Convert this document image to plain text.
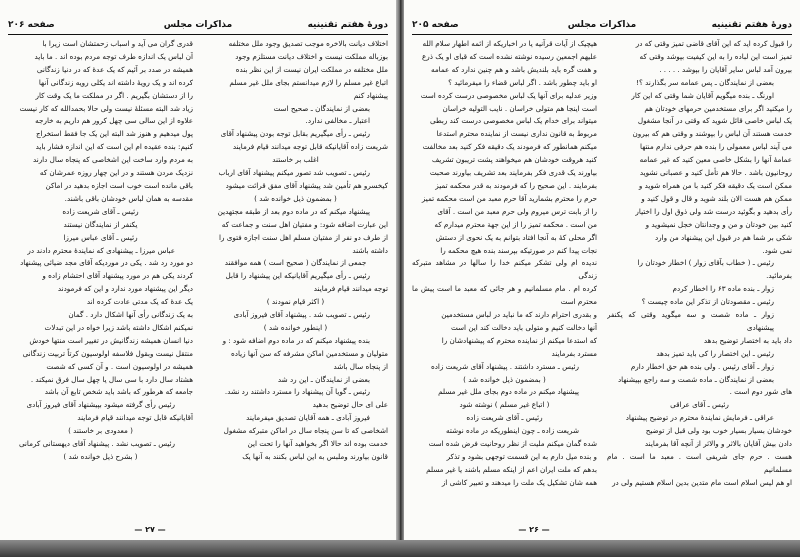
دورهٔ هفتم تقنینیه
مذاکرات مجلس
صفحه ۲۰۶

اختلاف دیانت بالاخره موجب تصدیق وجود ملل مختلفه

بوزباله مملکت نیست و اختلاف دیانت مستلزم وجود

ملل مختلفه در مملکت ایران نیست از این نظر بنده

اتباع غیر مسلم را لازم میدانستم بجای ملل غیر مسلم

پیشنهاد کنم

بعضی از نمایندگان ـ صحیح است

اعتبار ـ مخالفی ندارد.

رئیس ـ رأی میگیریم بقابل توجه بودن پیشنهاد آقای

شریعت زاده آقایانیکه قابل توجه میدانند قیام فرمایند

اغلب بر خاستند

رئیس ـ تصویب شد تصور میکنم پیشنهاد آقای ارباب

کیخسرو هم تأمین شد پیشنهاد آقای مفق قرائت میشود

( بمضمون ذیل خوانده شد )

پیشنهاد میکنم که در ماده دوم بعد از طبقه مجتهدین

این عبارت اضافه شود: و مفتیان اهل سنت و جماعت که

از طرف دو نفر از مفتیان مسلم اهل سنت اجازه فتوی را

داشته باشند

جمعی از نمایندگان ( صحیح است ) همه موافقند

رئیس ـ رأی میگیریم آقایانیکه این پیشنهاد را قابل

توجه میدانند قیام فرمایند

( اکثر قیام نمودند )

رئیس ـ تصویب شد . پیشنهاد آقای فیروز آبادی

( اینطور خوانده شد )

بنده پیشنهاد میکنم که در ماده دوم اضافه شود : و

متولیان و مستخدمین اماکن مشرفه که سن آنها زیاده

از پنجاه سال باشد

بعضی از نمایندگان ـ این رد شد

رئیس ـ گویا آن پیشنهاد را مسترد داشتند رد نشد.

علی ای حال توضیح بدهید

فیروز آبادی ـ همه آقایان تصدیق میفرمایند

اشخاصی که تا سن پنجاه سال در اماکن متبرکه مشغول

خدمت بوده اند حالا اگر بخواهید آنها را تحت این

قانون بیاورند وملبس به این لباس بکنند به آنها یک

قدری گران می آید و اسباب زحمتشان است زیرا با

آن لباس یک اندازه طرف توجه مردم بوده اند . ما باید

همیشه در صدد بر آئیم که یک عدهٔ که در دنیا زندگانی

کرده اند و یک رویهٔ داشته اند یکلی رویه زندگانی آنها

را از دستشان بگیریم . اگر در مملکت ما یک وقت کار

زیاد شد البته مسئلهٔ نیست ولی حالا بحمدالله که کار نیست

علاوه از این سالی سی چهل کرور هم داریم به خارجه

پول میدهیم و هنوز شد البته این یک جا فقط استخراج

کنیم: بنده عقیده ام این است که این اندازه فشار باید

به مردم وارد ساخت این اشخاصی که پنجاه سال دارند

نزدیک مردن هستند و در این چهار روزه عمرشان که

باقی مانده است خوب است اجازه بدهید در اماکن

مقدسه به همان لباس خودشان باقی باشند.

رئیس ـ آقای شریعت زاده

یکنفر از نمایندگان نیستند

رئیس ـ آقای عباس میرزا

عباس میرزا ـ پیشنهادی که نمایندهٔ محترم دادند در

دو مورد رد شد . یکی در موردیکه آقای مجد ضیائی پیشنهاد

کردند یکی هم در مورد پیشنهاد آقای احتشام زاده و

دیگر این پیشنهاد مورد ندارد و این که فرمودند

یک عدهٔ که یک مدتی عادت کرده اند

به یک زندگانی رأی آنها اشکال دارد . گمان

نمیکنم اشکال داشته باشد زیرا خواه در این تبدلات

دنیا انسان همیشه زندگانیش در تغییر است منتها خودش

منتقل نیست وبقول فلاسفه اولوسیون کرتاً تربیت زندگانی

همیشه در اولوسیون است . و آن کسی که شصت

هشتاد سال دارد با سی سال یا چهل سال فرق نمیکند .

جامعه که هرطور که باشد باید شخص تابع آن باشد

رئیس رأی گرفته میشود بپیشنهاد آقای فیروز آبادی

آقایانیکه قابل توجه میدانند قیام فرمایند

( معدودی بر خاستند )

رئیس ـ تصویب نشد . پیشنهاد آقای دیهستانی کرمانی

( بشرح ذیل خوانده شد )

— ۲۷ —
دورهٔ هفتم تقنینیه
مذاکرات مجلس
صفحه ۲۰۵

را قبول کرده اید که این آقای قاضی تمیز وقتی که در

تمیز است این لباده را به این کیفیت بپوشد وقتی که

بیرون آمد لباس سایر آقایان را بپوشد . . . . .

بعضی از نمایندگان ـ پس عمامه سر بگذارند ؟!

اورنگ ـ بنده میگویم آقایان شما وقتی که این کار

را میکنید اگر برای مستخدمین حرمهای خودتان هم

یک لباس خاصی قائل شوید که وقتی در آنجا مشغول

خدمت هستند آن لباس را بپوشند و وقتی هم که بیرون

می آیند لباس معمولی را بنده هم حرفی ندارم منتها

عمامهٔ آنها را بشکل خاصی معین کنید که غیر عمامه

روحانیون باشد . حالا هم تأمل کنید و عصبانی نشوید

ممکن است یک دقیقه فکر کنید با من همراه شوید و

ممکن هم هست الان بلند شوید و قال و قول کنید و

رأی بدهید و بگوئید درست شد ولی ذوق اول را اختیار

کنید بین خودتان و من و وجدانتان خجل نمیشوید و

شکی بر شما هم در قبول این پیشنهاد من وارد

نمی شود.

رئیس ـ ( خطاب بآقای زوار ) اخطار خودتان را

بفرمائید.

زوار ـ بنده ماده ۶۳ را اخطار کردم

رئیس ـ مقصودتان از تذکر این ماده چیست ؟

زوار ـ ماده شصت و سه میگوید وقتی که یکنفر پیشنهادی

داد باید به اختصار توضیح بدهد

رئیس ـ این اختصار را کی باید تمیز بدهد

زوار ـ آقای رئیس . ولی بنده هم حق اخطار دارم

بعضی از نمایندگان ـ ماده شصت و سه راجع بپیشنهاد

های شور دوم است .

رئیس ـ آقای عراقی

عراقی ـ فرمایش نمایندهٔ محترم در توضیح پیشنهاد

خودشان بسیار بسیار خوب بود ولی قبل از توضیح

دادن بیش آقایان بالاثر و والاثر از آنچه آقا بفرمایند

هست . حرم جای شریفی است . معبد ما است . مام مسلمانیم

او هم لیس اسلام است مام متدین بدین اسلام هستیم ولی در

هیچیک از آیات قرآنیه یا در اخباریکه از ائمه اطهار سلام الله

علیهم اجمعین رسیده نوشته نشده است که قبای او یک ذرع

و هفت گره باید بلندیش باشد و هم چنین ندارد که عمامه

او باید چطور باشد . اگر لباس قضاء را میفرمائید ؟

وزیر عدلیه برای آنها یک لباس مخصوصی درست کرده است

است اینجا هم متولی خراسان . نایب التولیه خراسان

میتواند برای خدام یک لباس مخصوصی درست کند ربطی

مربوط به قانون نداری نیست از نماینده محترم استدعا

میکنم همانطور که فرمودند یک دقیقه فکر کنید بعد مخالفت

کنید هروقت خودشان هم میخواهند پشت تریبون تشریف

بیاورند یک قدری فکر بفرمایند بعد تشریف بیاورند صحبت

بفرمایند . این صحیح را که فرمودند به قدر محکمه تمیز

حرم را محترم بشمارید آقا حرم معبد من است محکمه تمیز

را از بابت ترس میروم ولی حرم معبد من است . آقای

من است . محکمه تمیز را از این جهة محترم میدارم که

اگر محلی کهٔ به آنجا افتاد بتوانم به یک نحوی از دستش

نجات پیدا کنم در صورتیکه بپرسند بنده هیچ محکمه را

ندیده ام ولی تشکر میکنم خدا را سالها در مشاهد متبرکه زندگی

کرده ام . مام مسلمانیم و هر جائی که معبد ما است پیش ما محترم است

و بقدری احترام دارند که ما نباید در لباس مستخدمین

آنها دخالت کنیم و متولی باید دخالت کند این است

که استدعا میکنم از نماینده محترم که پیشنهادشان را

مسترد بفرمایند

رئیس ـ مسترد داشتند . پیشنهاد آقای شریعت زاده

( بمضمون ذیل خوانده شد )

پیشنهاد میکنم در ماده دوم بجای ملل غیر مسلم

( اتباع غیر مسلم ) نوشته شود

رئیس ـ آقای شریعت زاده

شریعت زاده ـ چون اینطوریکه در ماده نوشته

شده گمان میکنم ملیت از نظر روحانیت فرض شده است

و بنده میل دارم به این قسمت توجهی بشود و تذکر

بدهم که ملت ایران اعم از اینکه مسلم باشند یا غیر مسلم

همه شان تشکیل یک ملت را میدهند و تعبیر کاشی از

— ۲۶ —
